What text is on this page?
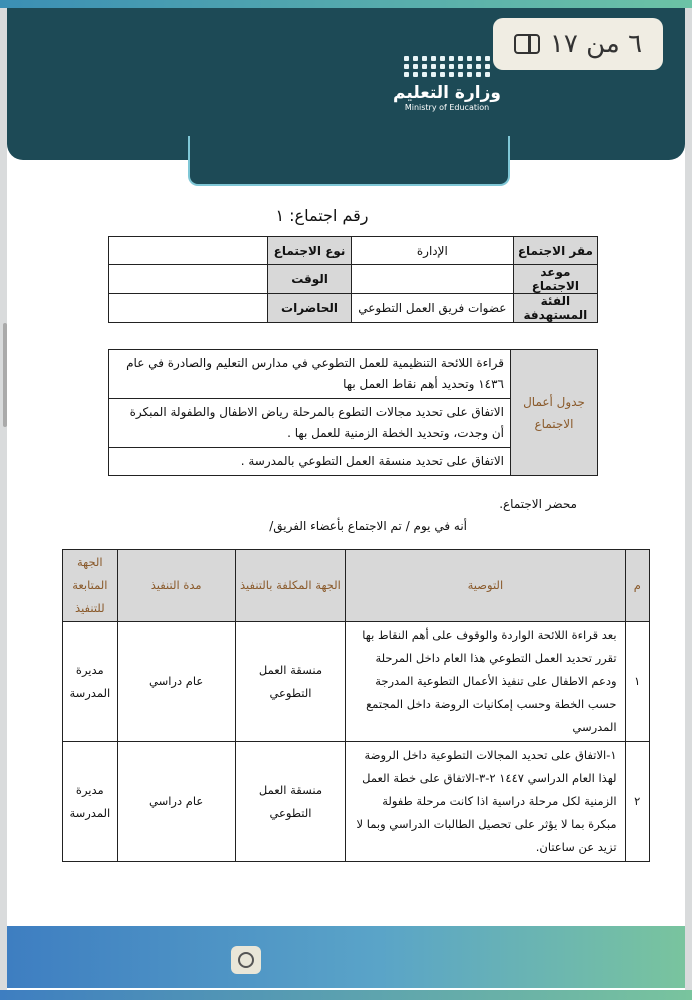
وزارة التعليم
Ministry of Education
٦ من ١٧
رقم اجتماع: ١
مقر الاجتماع	الإدارة	نوع الاجتماع	
موعد الاجتماع		الوقت	
الفئة المستهدفة	عضوات فريق العمل التطوعي	الحاضرات	
جدول أعمال الاجتماع	قراءة اللائحة التنظيمية للعمل التطوعي في مدارس التعليم والصادرة في عام ١٤٣٦ وتحديد أهم نقاط العمل بها
الاتفاق على تحديد مجالات التطوع بالمرحلة رياض الاطفال والطفولة المبكرة أن وجدت، وتحديد الخطة الزمنية للعمل بها .
الاتفاق على تحديد منسقة العمل التطوعي بالمدرسة .
محضر الاجتماع.
أنه في يوم / تم الاجتماع بأعضاء الفريق/
م	التوصية	الجهة المكلفة بالتنفيذ	مدة التنفيذ	الجهة المتابعة للتنفيذ
١	بعد قراءة اللائحة الواردة والوقوف على أهم النقاط بها تقرر تحديد العمل التطوعي هذا العام داخل المرحلة ودعم الاطفال على تنفيذ الأعمال التطوعية المدرجة حسب الخطة وحسب إمكانيات الروضة داخل المجتمع المدرسي	منسقة العمل التطوعي	عام دراسي	مديرة المدرسة
٢	١-الاتفاق على تحديد المجالات التطوعية داخل الروضة لهذا العام الدراسي ١٤٤٧ ٢-٣-الاتفاق على خطة العمل الزمنية لكل مرحلة دراسية اذا كانت مرحلة طفولة مبكرة بما لا يؤثر على تحصيل الطالبات الدراسي وبما لا تزيد عن ساعتان.	منسقة العمل التطوعي	عام دراسي	مديرة المدرسة
